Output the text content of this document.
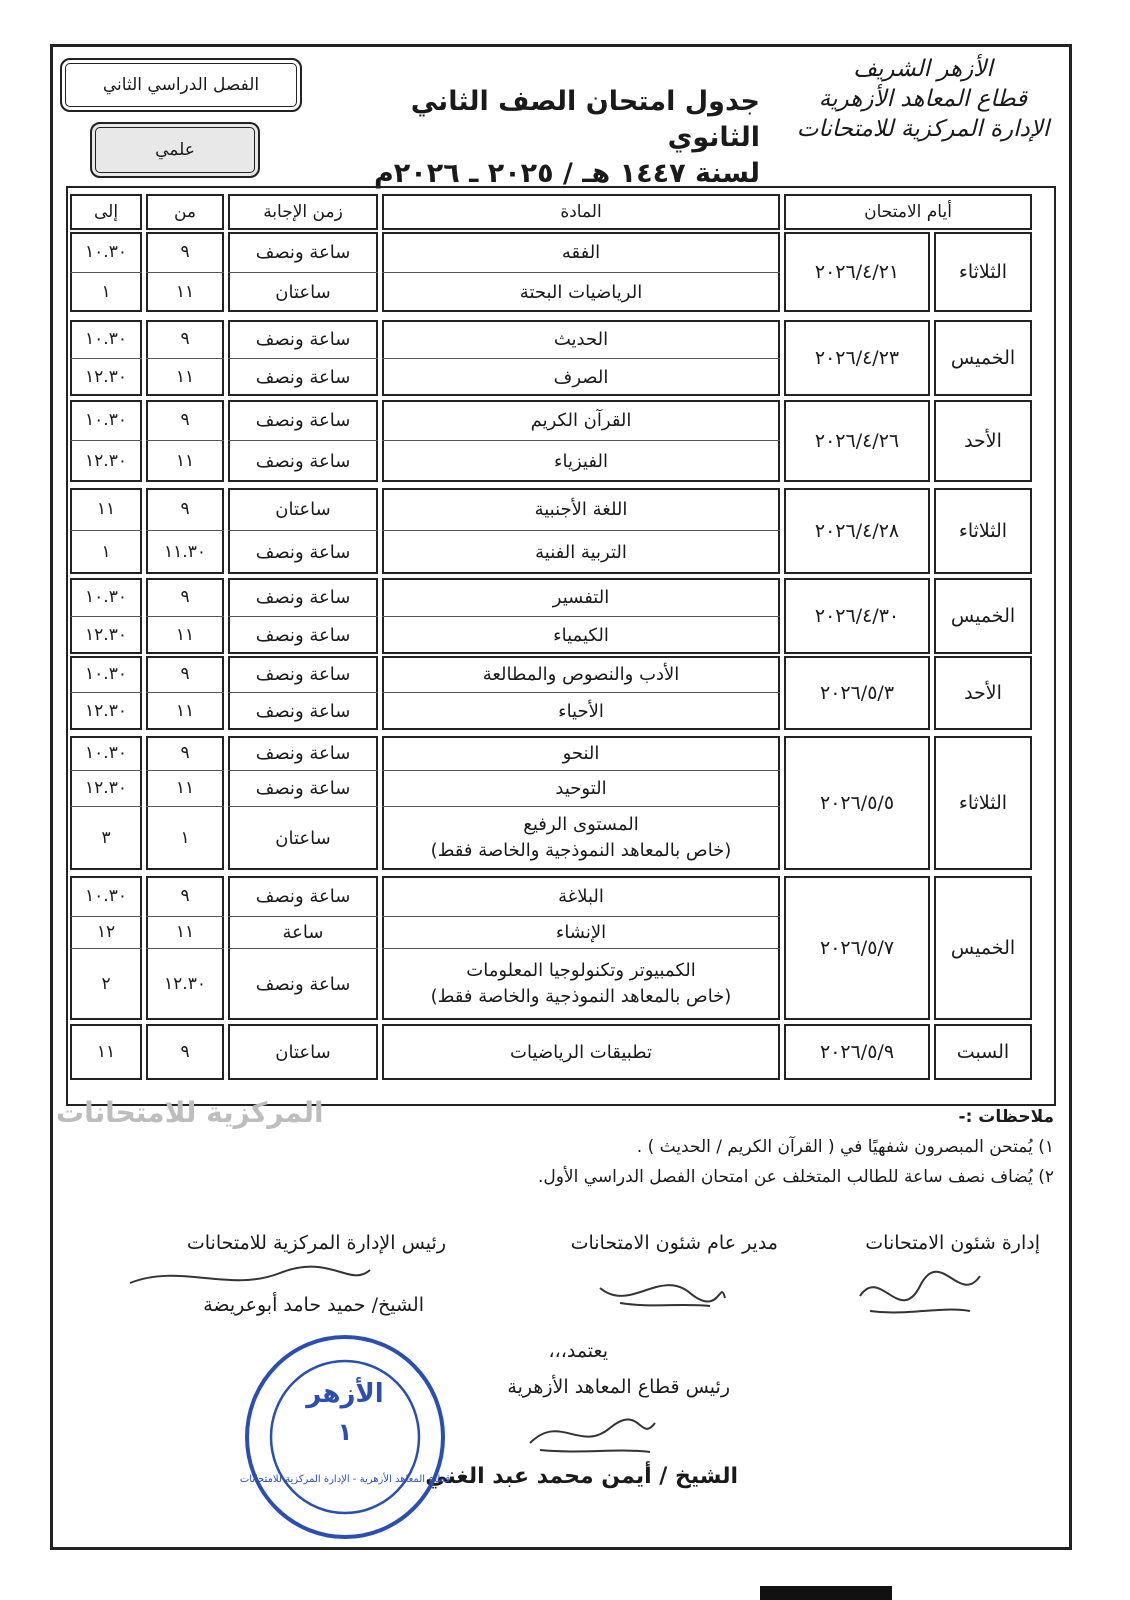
الأزهر الشريف
قطاع المعاهد الأزهرية
الإدارة المركزية للامتحانات
جدول امتحان الصف الثاني الثانوي
لسنة ١٤٤٧ هـ / ٢٠٢٥ ـ ٢٠٢٦م
الفصل الدراسي الثاني
علمي
أيام الامتحان
المادة
زمن الإجابة
من
إلى
الثلاثاء
٢٠٢٦/٤/٢١
الفقه
ساعة ونصف
٩
١٠.٣٠
الرياضيات البحتة
ساعتان
١١
١
الخميس
٢٠٢٦/٤/٢٣
الحديث
ساعة ونصف
٩
١٠.٣٠
الصرف
ساعة ونصف
١١
١٢.٣٠
الأحد
٢٠٢٦/٤/٢٦
القرآن الكريم
ساعة ونصف
٩
١٠.٣٠
الفيزياء
ساعة ونصف
١١
١٢.٣٠
الثلاثاء
٢٠٢٦/٤/٢٨
اللغة الأجنبية
ساعتان
٩
١١
التربية الفنية
ساعة ونصف
١١.٣٠
١
الخميس
٢٠٢٦/٤/٣٠
التفسير
ساعة ونصف
٩
١٠.٣٠
الكيمياء
ساعة ونصف
١١
١٢.٣٠
الأحد
٢٠٢٦/٥/٣
الأدب والنصوص والمطالعة
ساعة ونصف
٩
١٠.٣٠
الأحياء
ساعة ونصف
١١
١٢.٣٠
الثلاثاء
٢٠٢٦/٥/٥
النحو
ساعة ونصف
٩
١٠.٣٠
التوحيد
ساعة ونصف
١١
١٢.٣٠
المستوى الرفيع
(خاص بالمعاهد النموذجية والخاصة فقط)
ساعتان
١
٣
الخميس
٢٠٢٦/٥/٧
البلاغة
ساعة ونصف
٩
١٠.٣٠
الإنشاء
ساعة
١١
١٢
الكمبيوتر وتكنولوجيا المعلومات
(خاص بالمعاهد النموذجية والخاصة فقط)
ساعة ونصف
١٢.٣٠
٢
السبت
٢٠٢٦/٥/٩
تطبيقات الرياضيات
ساعتان
٩
١١
المركزية للامتحانات	ملاحظات :-
١) يُمتحن المبصرون شفهيًا في ( القرآن الكريم / الحديث ) .
٢) يُضاف نصف ساعة للطالب المتخلف عن امتحان الفصل الدراسي الأول.
إدارة شئون الامتحانات
مدير عام شئون الامتحانات
رئيس الإدارة المركزية للامتحانات
الشيخ/ حميد حامد أبوعريضة
يعتمد،،،
رئيس قطاع المعاهد الأزهرية
الشيخ / أيمن محمد عبد الغني
الأزهر
١
قطاع المعاهد الأزهرية - الإدارة المركزية للامتحانات
